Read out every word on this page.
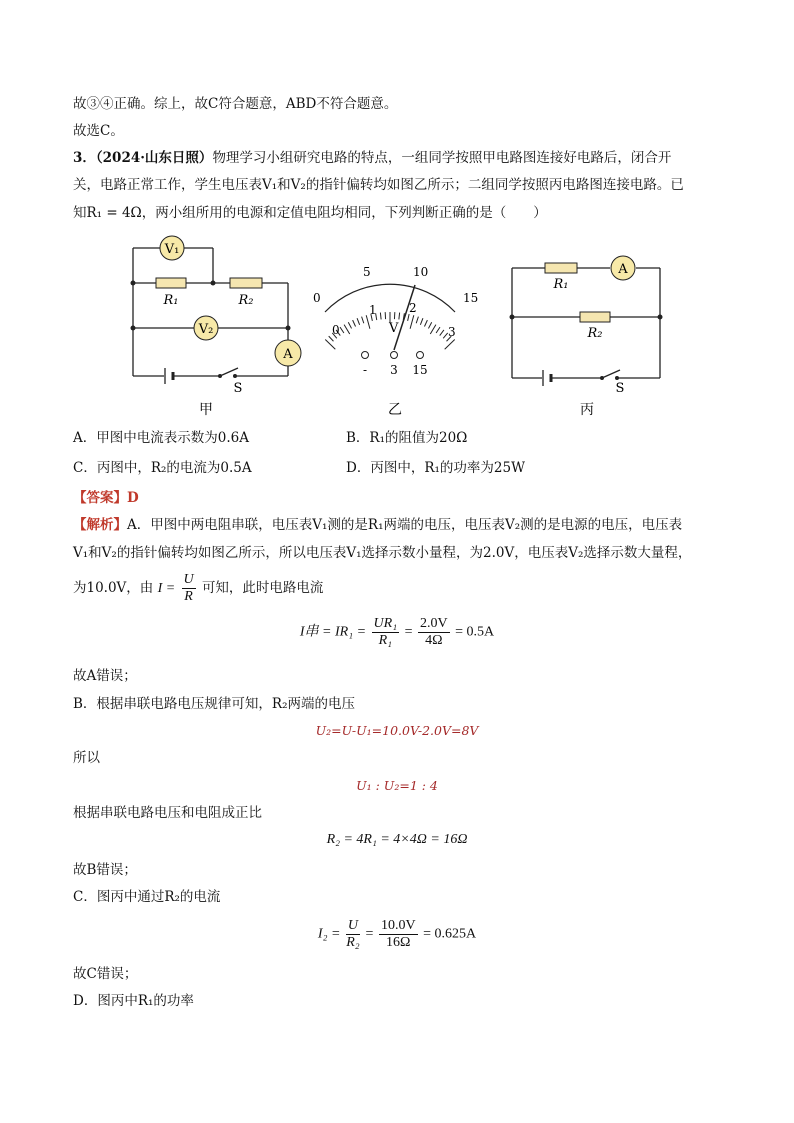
故③④正确。综上，故C符合题意，ABD不符合题意。
故选C。
3．（2024·山东日照）物理学习小组研究电路的特点，一组同学按照甲电路图连接好电路后，闭合开
关，电路正常工作，学生电压表V₁和V₂的指针偏转均如图乙所示；二组同学按照丙电路图连接电路。已
知R₁ = 4Ω，两小组所用的电源和定值电阻均相同，下列判断正确的是（　　）
V₁
V₂
A
R₁	R₂
S
甲
0
5	10
15
0
1	2
3
V
- 3 15
乙
A
R₁
R₂
S
丙
A．甲图中电流表示数为0.6A	B．R₁的阻值为20Ω
C．丙图中，R₂的电流为0.5A	D．丙图中，R₁的功率为25W
【答案】D
【解析】A．甲图中两电阻串联，电压表V₁测的是R₁两端的电压，电压表V₂测的是电源的电压，电压表
V₁和V₂的指针偏转均如图乙所示，所以电压表V₁选择示数小量程，为2.0V，电压表V₂选择示数大量程，
为10.0V，由 $I = \frac{U}{R}$ 可知，此时电路电流
I串 = $IR_1 = \frac{\text{UR₁}}{\text{R₁}} = \frac{2.0V}{4\Omega} = 0.5A$
故A错误；
B．根据串联电路电压规律可知，R₂两端的电压
U₂=U-U₁=10.0V-2.0V=8V
所以
U₁ : U₂=1 : 4
根据串联电路电压和电阻成正比
R₂ = 4R₁ = 4×4Ω = 16Ω
故B错误；
C．图丙中通过R₂的电流
$I_2 = \frac{U}{\text{R₂}} = \frac{10.0V}{16\Omega} = 0.625A$
故C错误；
D．图丙中R₁的功率
